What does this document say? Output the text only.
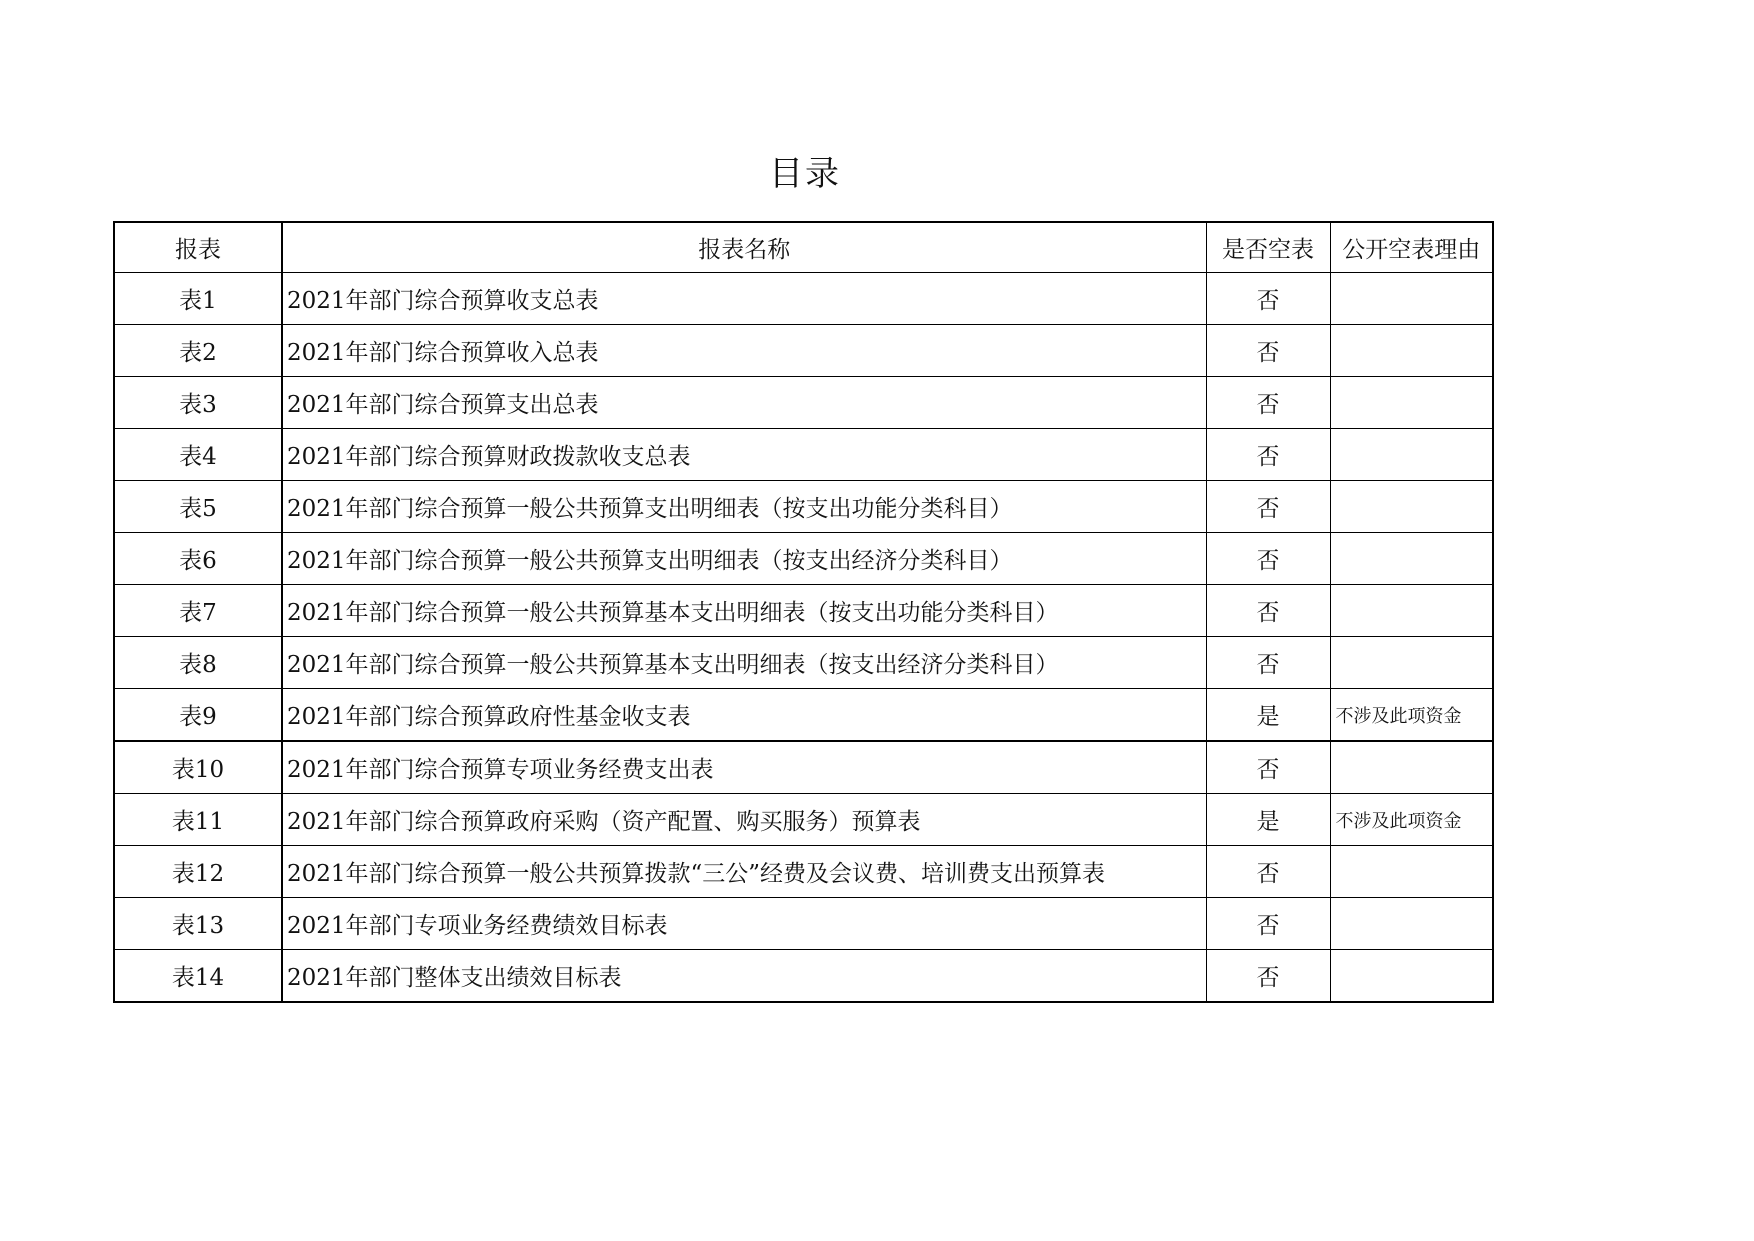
目录
报表	报表名称	是否空表	公开空表理由
表1	2021年部门综合预算收支总表	否	
表2	2021年部门综合预算收入总表	否	
表3	2021年部门综合预算支出总表	否	
表4	2021年部门综合预算财政拨款收支总表	否	
表5	2021年部门综合预算一般公共预算支出明细表（按支出功能分类科目）	否	
表6	2021年部门综合预算一般公共预算支出明细表（按支出经济分类科目）	否	
表7	2021年部门综合预算一般公共预算基本支出明细表（按支出功能分类科目）	否	
表8	2021年部门综合预算一般公共预算基本支出明细表（按支出经济分类科目）	否	
表9	2021年部门综合预算政府性基金收支表	是	不涉及此项资金
表10	2021年部门综合预算专项业务经费支出表	否	
表11	2021年部门综合预算政府采购（资产配置、购买服务）预算表	是	不涉及此项资金
表12	2021年部门综合预算一般公共预算拨款“三公”经费及会议费、培训费支出预算表	否	
表13	2021年部门专项业务经费绩效目标表	否	
表14	2021年部门整体支出绩效目标表	否	
